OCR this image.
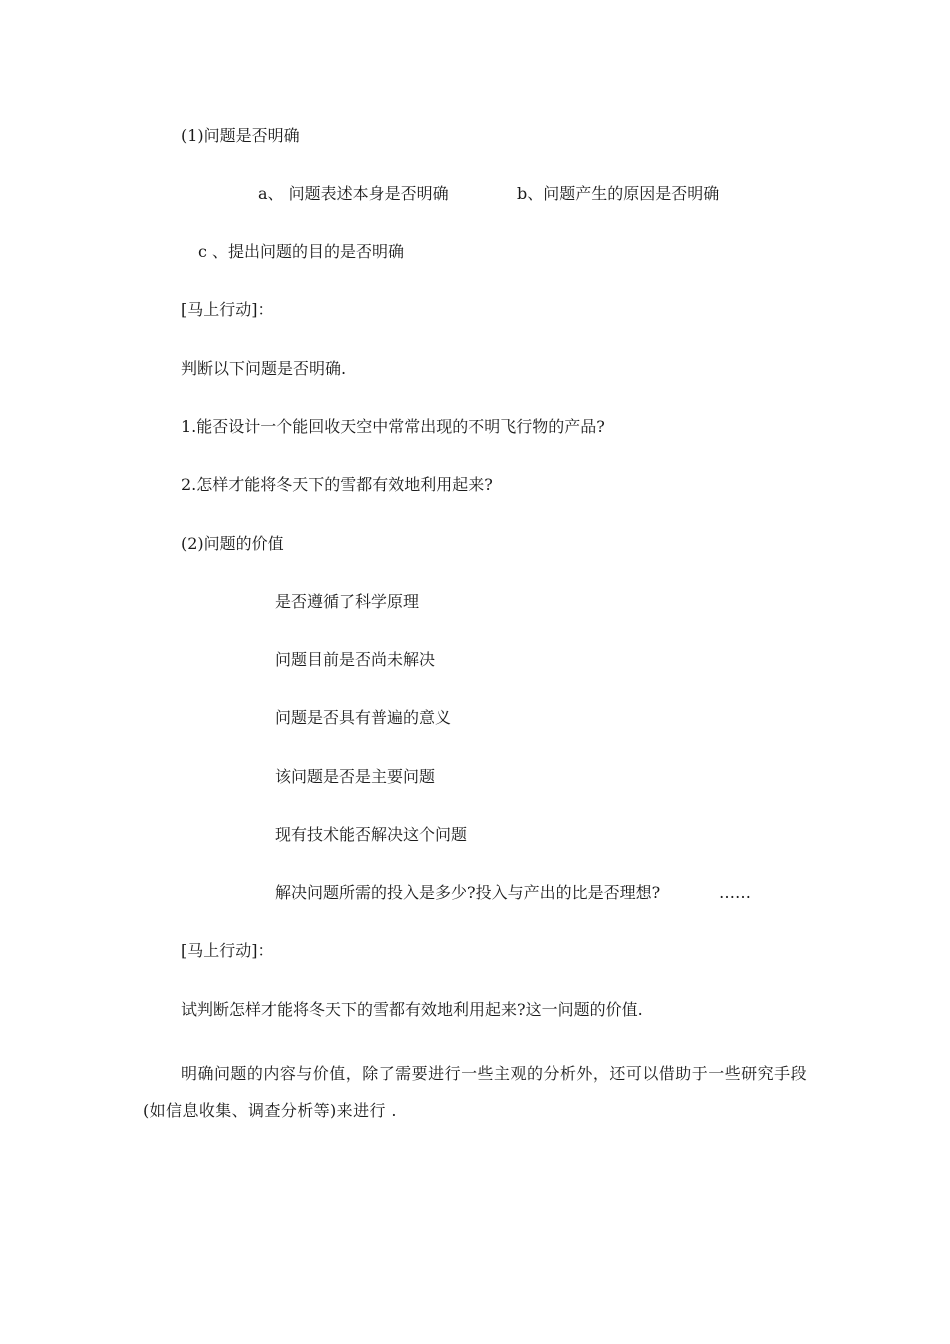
(1)问题是否明确
a、 问题表述本身是否明确	b、问题产生的原因是否明确
c 、提出问题的目的是否明确
[马上行动]：
判断以下问题是否明确.
1.能否设计一个能回收天空中常常出现的不明飞行物的产品?
2.怎样才能将冬天下的雪都有效地利用起来?
(2)问题的价值
是否遵循了科学原理
问题目前是否尚未解决
问题是否具有普遍的意义
该问题是否是主要问题
现有技术能否解决这个问题
解决问题所需的投入是多少?投入与产出的比是否理想?	……
[马上行动]：
试判断怎样才能将冬天下的雪都有效地利用起来?这一问题的价值.
明确问题的内容与价值，除了需要进行一些主观的分析外，还可以借助于一些研究手段(如信息收集、调查分析等)来进行 .
